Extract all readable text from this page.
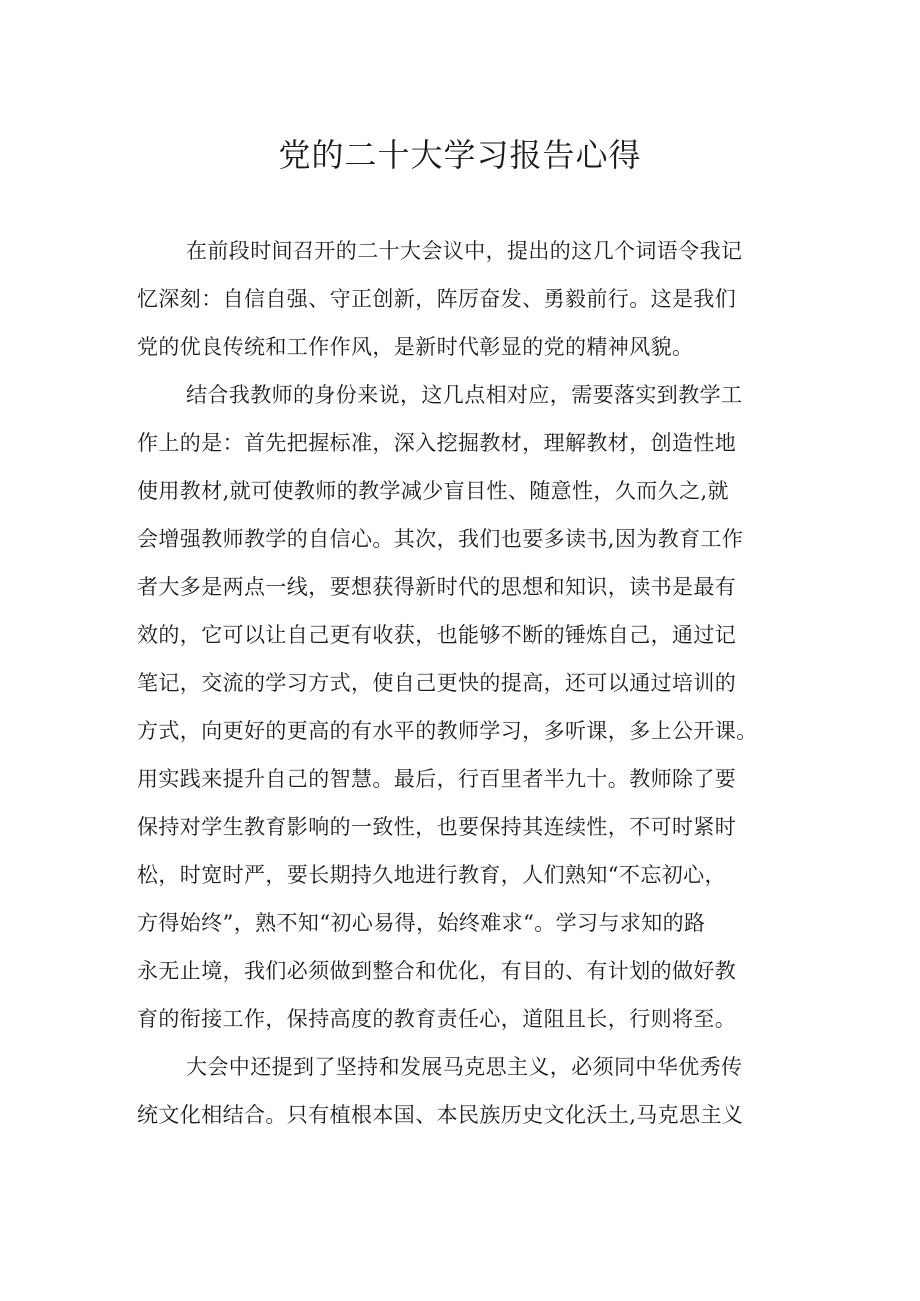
党的二十大学习报告心得
在前段时间召开的二十大会议中，提出的这几个词语令我记
忆深刻：自信自强、守正创新，阵厉奋发、勇毅前行。这是我们
党的优良传统和工作作风，是新时代彰显的党的精神风貌。
结合我教师的身份来说，这几点相对应，需要落实到教学工
作上的是：首先把握标准，深入挖掘教材，理解教材，创造性地
使用教材,就可使教师的教学减少盲目性、随意性，久而久之,就
会增强教师教学的自信心。其次，我们也要多读书,因为教育工作
者大多是两点一线，要想获得新时代的思想和知识，读书是最有
效的，它可以让自己更有收获，也能够不断的锤炼自己，通过记
笔记，交流的学习方式，使自己更快的提高，还可以通过培训的
方式，向更好的更高的有水平的教师学习，多听课，多上公开课。
用实践来提升自己的智慧。最后，行百里者半九十。教师除了要
保持对学生教育影响的一致性，也要保持其连续性，不可时紧时
松，时宽时严，要长期持久地进行教育，人们熟知“不忘初心，
方得始终”，熟不知“初心易得，始终难求“。学习与求知的路
永无止境，我们必须做到整合和优化，有目的、有计划的做好教
育的衔接工作，保持高度的教育责任心，道阻且长，行则将至。
大会中还提到了坚持和发展马克思主义，必须同中华优秀传
统文化相结合。只有植根本国、本民族历史文化沃土,马克思主义
